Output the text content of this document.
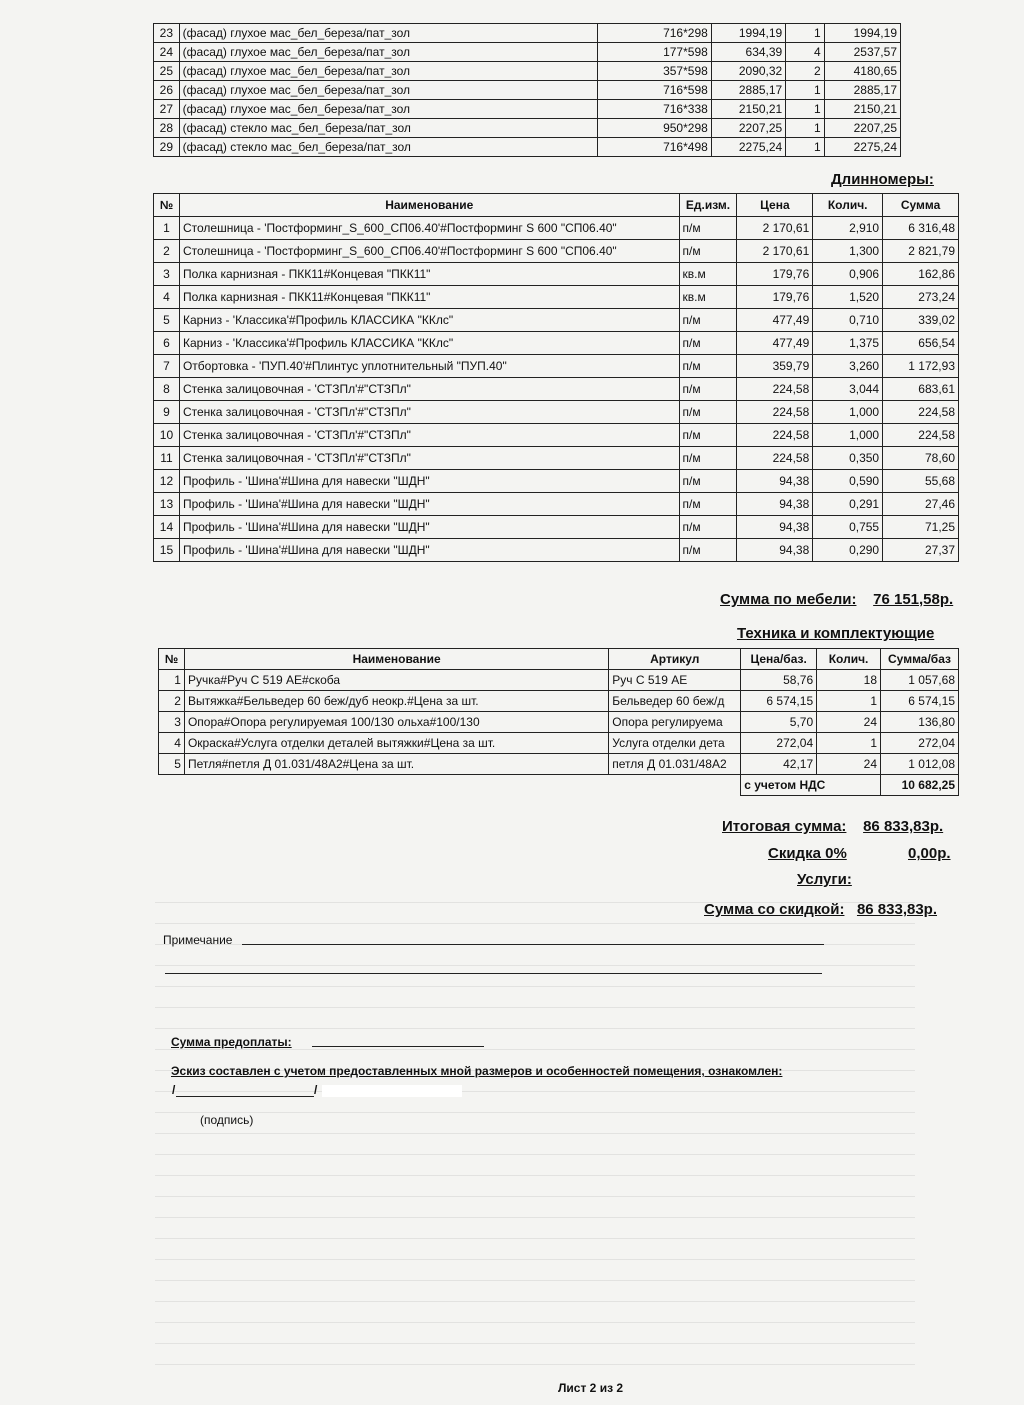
23	(фасад) глухое мас_бел_береза/пат_зол	716*298	1994,19	1	1994,19
24	(фасад) глухое мас_бел_береза/пат_зол	177*598	634,39	4	2537,57
25	(фасад) глухое мас_бел_береза/пат_зол	357*598	2090,32	2	4180,65
26	(фасад) глухое мас_бел_береза/пат_зол	716*598	2885,17	1	2885,17
27	(фасад) глухое мас_бел_береза/пат_зол	716*338	2150,21	1	2150,21
28	(фасад) стекло мас_бел_береза/пат_зол	950*298	2207,25	1	2207,25
29	(фасад) стекло мас_бел_береза/пат_зол	716*498	2275,24	1	2275,24
Длинномеры:
№	Наименование	Ед.изм.	Цена	Колич.	Сумма
1	Столешница - 'Постформинг_S_600_СП06.40'#Постформинг S 600 "СП06.40"	п/м	2 170,61	2,910	6 316,48
2	Столешница - 'Постформинг_S_600_СП06.40'#Постформинг S 600 "СП06.40"	п/м	2 170,61	1,300	2 821,79
3	Полка карнизная - ПКК11#Концевая "ПКК11"	кв.м	179,76	0,906	162,86
4	Полка карнизная - ПКК11#Концевая "ПКК11"	кв.м	179,76	1,520	273,24
5	Карниз - 'Классика'#Профиль КЛАССИКА "ККлс"	п/м	477,49	0,710	339,02
6	Карниз - 'Классика'#Профиль КЛАССИКА "ККлс"	п/м	477,49	1,375	656,54
7	Отбортовка - 'ПУП.40'#Плинтус уплотнительный "ПУП.40"	п/м	359,79	3,260	1 172,93
8	Стенка залицовочная - 'СТЗПл'#"СТЗПл"	п/м	224,58	3,044	683,61
9	Стенка залицовочная - 'СТЗПл'#"СТЗПл"	п/м	224,58	1,000	224,58
10	Стенка залицовочная - 'СТЗПл'#"СТЗПл"	п/м	224,58	1,000	224,58
11	Стенка залицовочная - 'СТЗПл'#"СТЗПл"	п/м	224,58	0,350	78,60
12	Профиль - 'Шина'#Шина для навески "ШДН"	п/м	94,38	0,590	55,68
13	Профиль - 'Шина'#Шина для навески "ШДН"	п/м	94,38	0,291	27,46
14	Профиль - 'Шина'#Шина для навески "ШДН"	п/м	94,38	0,755	71,25
15	Профиль - 'Шина'#Шина для навески "ШДН"	п/м	94,38	0,290	27,37
Сумма по мебели: 76 151,58р.
Техника и комплектующие
№	Наименование	Артикул	Цена/баз.	Колич.	Сумма/баз
1	Ручка#Руч С 519 AE#скоба	Руч С 519 AE	58,76	18	1 057,68
2	Вытяжка#Бельведер 60 беж/дуб неокр.#Цена за шт.	Бельведер 60 беж/д	6 574,15	1	6 574,15
3	Опора#Опора регулируемая 100/130 ольха#100/130	Опора регулируема	5,70	24	136,80
4	Окраска#Услуга отделки деталей вытяжки#Цена за шт.	Услуга отделки дета	272,04	1	272,04
5	Петля#петля Д 01.031/48А2#Цена за шт.	петля Д 01.031/48А2	42,17	24	1 012,08
			с учетом НДС		10 682,25
Итоговая сумма: 86 833,83р.
Скидка 0%	0,00р.
Услуги:
Сумма со скидкой: 86 833,83р.
Примечание
Сумма предоплаты:
Эскиз составлен с учетом предоставленных мной размеров и особенностей помещения, ознакомлен:
/	/
(подпись)
Лист 2 из 2
